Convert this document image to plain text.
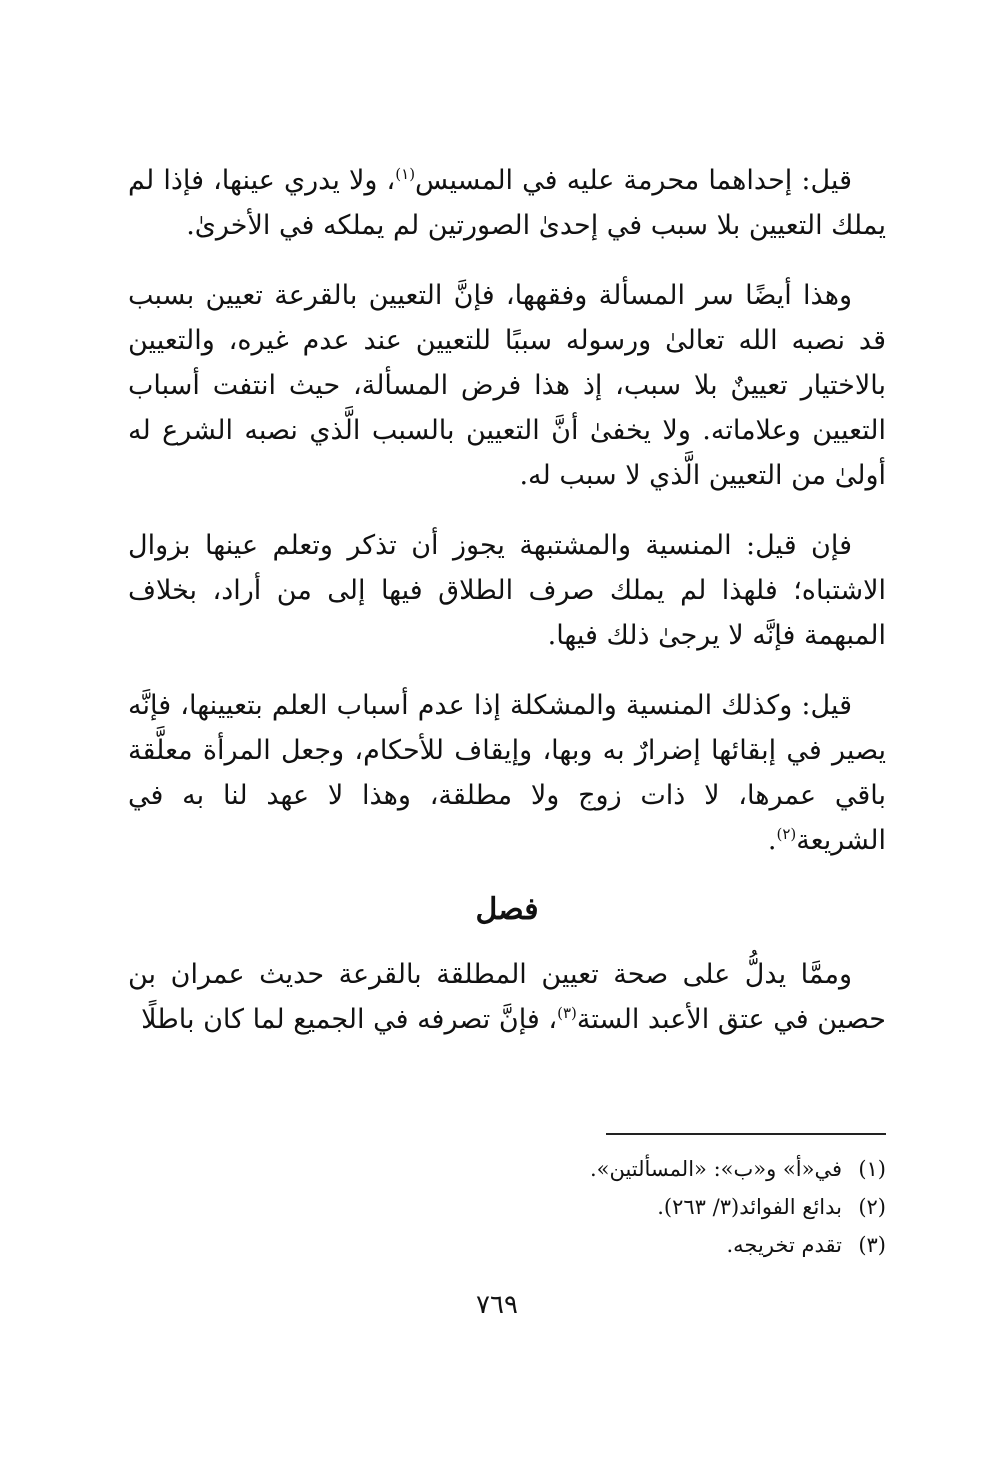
قيل: إحداهما محرمة عليه في المسيس$^{(١)}$، ولا يدري عينها، فإذا لم يملك التعيين بلا سبب في إحدىٰ الصورتين لم يملكه في الأخرىٰ.

وهذا أيضًا سر المسألة وفقهها، فإنَّ التعيين بالقرعة تعيين بسبب قد نصبه الله تعالىٰ ورسوله سببًا للتعيين عند عدم غيره، والتعيين بالاختيار تعيينٌ بلا سبب، إذ هذا فرض المسألة، حيث انتفت أسباب التعيين وعلاماته. ولا يخفىٰ أنَّ التعيين بالسبب الَّذي نصبه الشرع له أولىٰ من التعيين الَّذي لا سبب له.

فإن قيل: المنسية والمشتبهة يجوز أن تذكر وتعلم عينها بزوال الاشتباه؛ فلهذا لم يملك صرف الطلاق فيها إلى من أراد، بخلاف المبهمة فإنَّه لا يرجىٰ ذلك فيها.

قيل: وكذلك المنسية والمشكلة إذا عدم أسباب العلم بتعيينها، فإنَّه يصير في إبقائها إضرارٌ به وبها، وإيقاف للأحكام، وجعل المرأة معلَّقة باقي عمرها، لا ذات زوج ولا مطلقة، وهذا لا عهد لنا به في الشريعة$^{(٢)}$.

فصل

وممَّا يدلُّ على صحة تعيين المطلقة بالقرعة حديث عمران بن حصين في عتق الأعبد الستة$^{(٣)}$، فإنَّ تصرفه في الجميع لما كان باطلًا

(١)
في«أ» و«ب»: «المسألتين».
(٢)
بدائع الفوائد(٣/ ٢٦٣).
(٣)
تقدم تخريجه.
٧٦٩
